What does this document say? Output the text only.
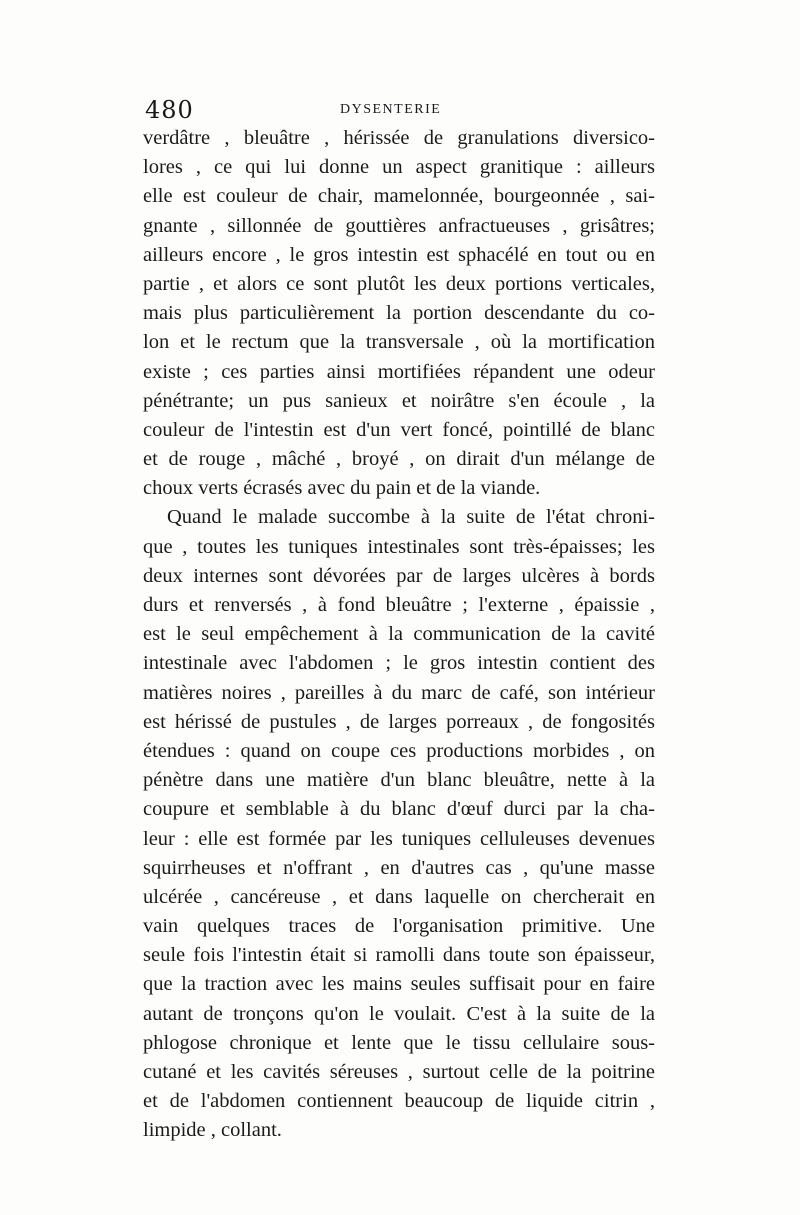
480	DYSENTERIE
verdâtre , bleuâtre , hérissée de granulations diversico-
lores , ce qui lui donne un aspect granitique : ailleurs
elle est couleur de chair, mamelonnée, bourgeonnée , sai-
gnante , sillonnée de gouttières anfractueuses , grisâtres;
ailleurs encore , le gros intestin est sphacélé en tout ou en
partie , et alors ce sont plutôt les deux portions verticales,
mais plus particulièrement la portion descendante du co-
lon et le rectum que la transversale , où la mortification
existe ; ces parties ainsi mortifiées répandent une odeur
pénétrante; un pus sanieux et noirâtre s'en écoule , la
couleur de l'intestin est d'un vert foncé, pointillé de blanc
et de rouge , mâché , broyé , on dirait d'un mélange de
choux verts écrasés avec du pain et de la viande.
Quand le malade succombe à la suite de l'état chroni-
que , toutes les tuniques intestinales sont très-épaisses; les
deux internes sont dévorées par de larges ulcères à bords
durs et renversés , à fond bleuâtre ; l'externe , épaissie ,
est le seul empêchement à la communication de la cavité
intestinale avec l'abdomen ; le gros intestin contient des
matières noires , pareilles à du marc de café, son intérieur
est hérissé de pustules , de larges porreaux , de fongosités
étendues : quand on coupe ces productions morbides , on
pénètre dans une matière d'un blanc bleuâtre, nette à la
coupure et semblable à du blanc d'œuf durci par la cha-
leur : elle est formée par les tuniques celluleuses devenues
squirrheuses et n'offrant , en d'autres cas , qu'une masse
ulcérée , cancéreuse , et dans laquelle on chercherait en
vain quelques traces de l'organisation primitive. Une
seule fois l'intestin était si ramolli dans toute son épaisseur,
que la traction avec les mains seules suffisait pour en faire
autant de tronçons qu'on le voulait. C'est à la suite de la
phlogose chronique et lente que le tissu cellulaire sous-
cutané et les cavités séreuses , surtout celle de la poitrine
et de l'abdomen contiennent beaucoup de liquide citrin ,
limpide , collant.
